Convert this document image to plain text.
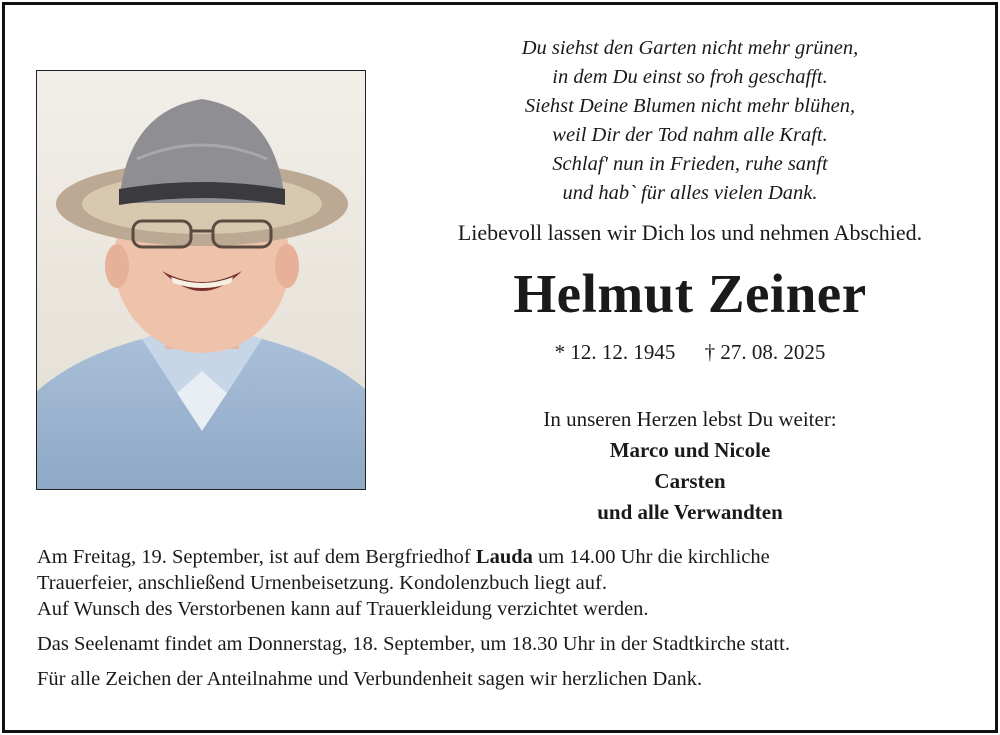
Du siehst den Garten nicht mehr grünen,
in dem Du einst so froh geschafft.
Siehst Deine Blumen nicht mehr blühen,
weil Dir der Tod nahm alle Kraft.
Schlaf' nun in Frieden, ruhe sanft
und hab` für alles vielen Dank.
Liebevoll lassen wir Dich los und nehmen Abschied.
Helmut Zeiner
* 12. 12. 1945 † 27. 08. 2025
In unseren Herzen lebst Du weiter:
Marco und Nicole
Carsten
und alle Verwandten

Am Freitag, 19. September, ist auf dem Bergfriedhof Lauda um 14.00 Uhr die kirchliche

Trauerfeier, anschließend Urnenbeisetzung. Kondolenzbuch liegt auf.

Auf Wunsch des Verstorbenen kann auf Trauerkleidung verzichtet werden.

Das Seelenamt findet am Donnerstag, 18. September, um 18.30 Uhr in der Stadtkirche statt.

Für alle Zeichen der Anteilnahme und Verbundenheit sagen wir herzlichen Dank.
